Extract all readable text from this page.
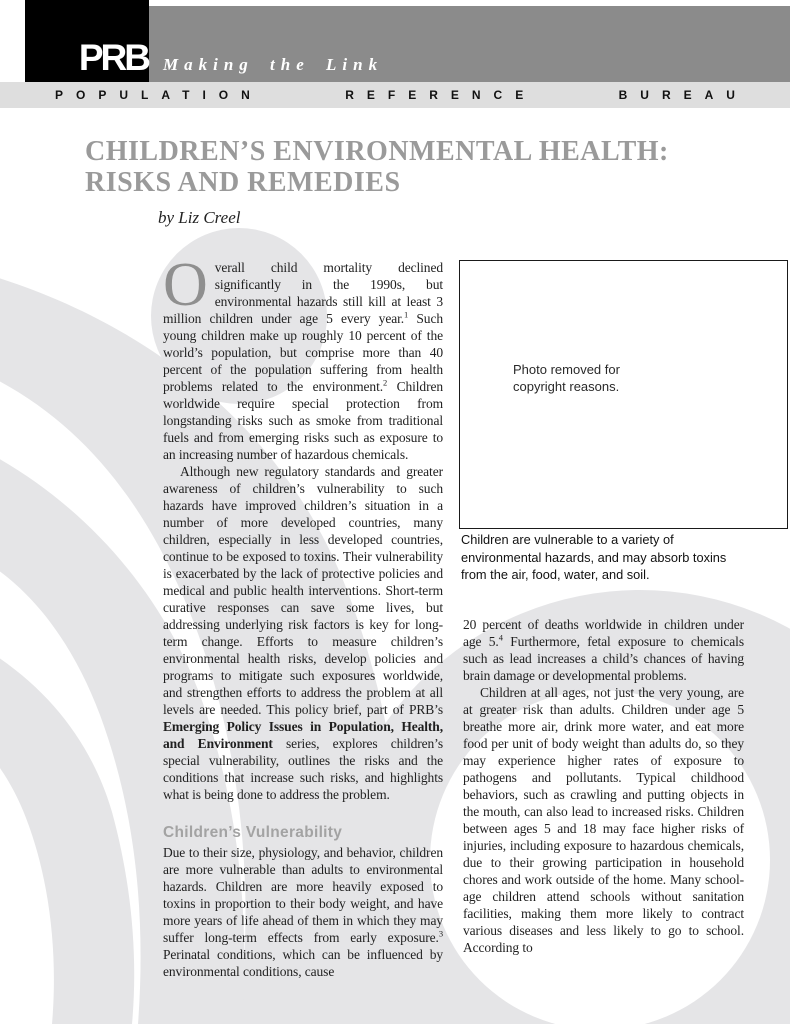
POPULATION	REFERENCE	BUREAU
PRB Making the Link
CHILDREN’S ENVIRONMENTAL HEALTH:
RISKS AND REMEDIES
by Liz Creel

Overall child mortality declined significantly in the 1990s, but environmental hazards still kill at least 3 million children under age 5 every year.$^1$ Such young children make up roughly 10 percent of the world’s population, but comprise more than 40 percent of the population suffering from health problems related to the environment.$^2$ Children worldwide require special protection from longstanding risks such as smoke from traditional fuels and from emerging risks such as exposure to an increasing number of hazardous chemicals.

Although new regulatory standards and greater awareness of children’s vulnerability to such hazards have improved children’s situation in a number of more developed countries, many children, especially in less developed countries, continue to be exposed to toxins. Their vulnerability is exacerbated by the lack of protective policies and medical and public health interventions. Short-term curative responses can save some lives, but addressing underlying risk factors is key for long-term change. Efforts to measure children’s environmental health risks, develop policies and programs to mitigate such exposures worldwide, and strengthen efforts to address the problem at all levels are needed. This policy brief, part of PRB’s Emerging Policy Issues in Population, Health, and Environment series, explores children’s special vulnerability, outlines the risks and the conditions that increase such risks, and highlights what is being done to address the problem.

Children’s Vulnerability

Due to their size, physiology, and behavior, children are more vulnerable than adults to environmental hazards. Children are more heavily exposed to toxins in proportion to their body weight, and have more years of life ahead of them in which they may suffer long-term effects from early exposure.$^3$ Perinatal conditions, which can be influenced by environmental conditions, cause

Photo removed for copyright reasons.
Children are vulnerable to a variety of environmental hazards, and may absorb toxins from the air, food, water, and soil.

20 percent of deaths worldwide in children under age 5.$^4$ Furthermore, fetal exposure to chemicals such as lead increases a child’s chances of having brain damage or developmental problems.

Children at all ages, not just the very young, are at greater risk than adults. Children under age 5 breathe more air, drink more water, and eat more food per unit of body weight than adults do, so they may experience higher rates of exposure to pathogens and pollutants. Typical childhood behaviors, such as crawling and putting objects in the mouth, can also lead to increased risks. Children between ages 5 and 18 may face higher risks of injuries, including exposure to hazardous chemicals, due to their growing participation in household chores and work outside of the home. Many school-age children attend schools without sanitation facilities, making them more likely to contract various diseases and less likely to go to school. According to
